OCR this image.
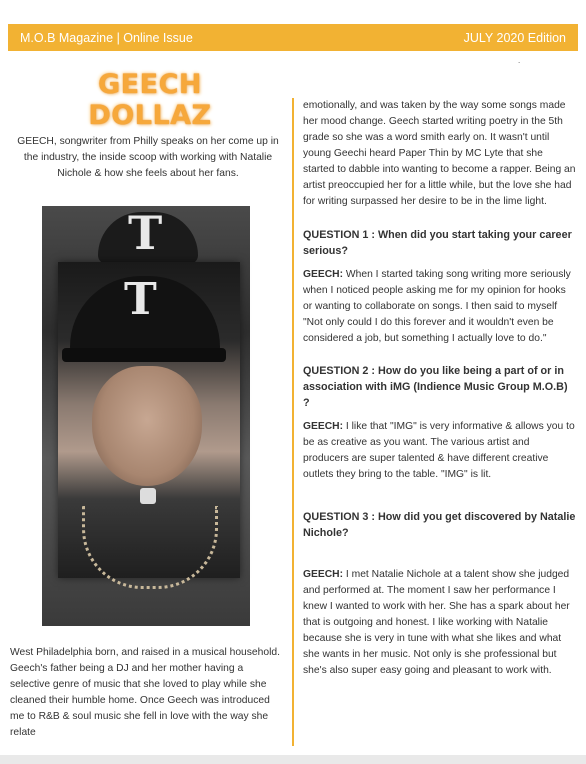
M.O.B Magazine | Online Issue	JULY 2020 Edition
.
GEECH DOLLAZ
GEECH, songwriter from Philly speaks on her come up in the industry, the inside scoop with working with Natalie Nichole & how she feels about her fans.
T
T
West Philadelphia born, and raised in a musical household. Geech's father being a DJ and her mother having a selective genre of music that she loved to play while she cleaned their humble home. Once Geech was introduced me to R&B & soul music she fell in love with the way she relate

emotionally, and was taken by the way some songs made her mood change. Geech started writing poetry in the 5th grade so she was a word smith early on. It wasn't until young Geechi heard Paper Thin by MC Lyte that she started to dabble into wanting to become a rapper. Being an artist preoccupied her for a little while, but the love she had for writing surpassed her desire to be in the lime light.

QUESTION 1 : When did you start taking your career serious?

GEECH: When I started taking song writing more seriously when I noticed people asking me for my opinion for hooks or wanting to collaborate on songs. I then said to myself "Not only could I do this forever and it wouldn't even be considered a job, but something I actually love to do."

QUESTION 2 : How do you like being a part of or in association with iMG (Indience Music Group M.O.B) ?

GEECH: I like that "IMG" is very informative & allows you to be as creative as you want. The various artist and producers are super talented & have different creative outlets they bring to the table. "IMG" is lit.

QUESTION 3 : How did you get discovered by Natalie Nichole?

GEECH: I met Natalie Nichole at a talent show she judged and performed at. The moment I saw her performance I knew I wanted to work with her. She has a spark about her that is outgoing and honest. I like working with Natalie because she is very in tune with what she likes and what she wants in her music. Not only is she professional but she's also super easy going and pleasant to work with.
